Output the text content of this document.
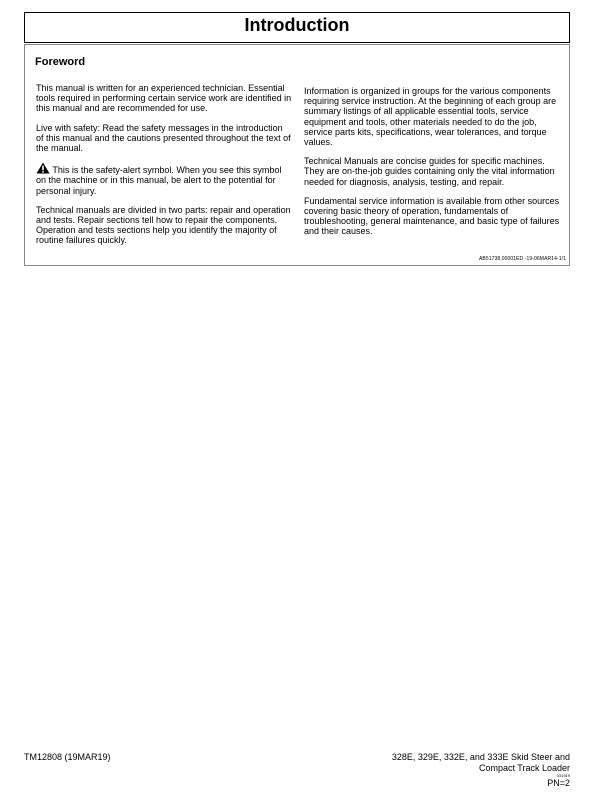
Introduction
Foreword

This manual is written for an experienced technician. Essential tools required in performing certain service work are identified in this manual and are recommended for use.

Live with safety: Read the safety messages in the introduction of this manual and the cautions presented throughout the text of the manual.

This is the safety-alert symbol. When you see this symbol on the machine or in this manual, be alert to the potential for personal injury.

Technical manuals are divided in two parts: repair and operation and tests. Repair sections tell how to repair the components. Operation and tests sections help you identify the majority of routine failures quickly.

Information is organized in groups for the various components requiring service instruction. At the beginning of each group are summary listings of all applicable essential tools, service equipment and tools, other materials needed to do the job, service parts kits, specifications, wear tolerances, and torque values.

Technical Manuals are concise guides for specific machines. They are on-the-job guides containing only the vital information needed for diagnosis, analysis, testing, and repair.

Fundamental service information is available from other sources covering basic theory of operation, fundamentals of troubleshooting, general maintenance, and basic type of failures and their causes.

AB51738,00001ED -19-06MAR14-1/1
TM12808 (19MAR19)	328E, 329E, 332E, and 333E Skid Steer and
Compact Track Loader
031919
PN=2
